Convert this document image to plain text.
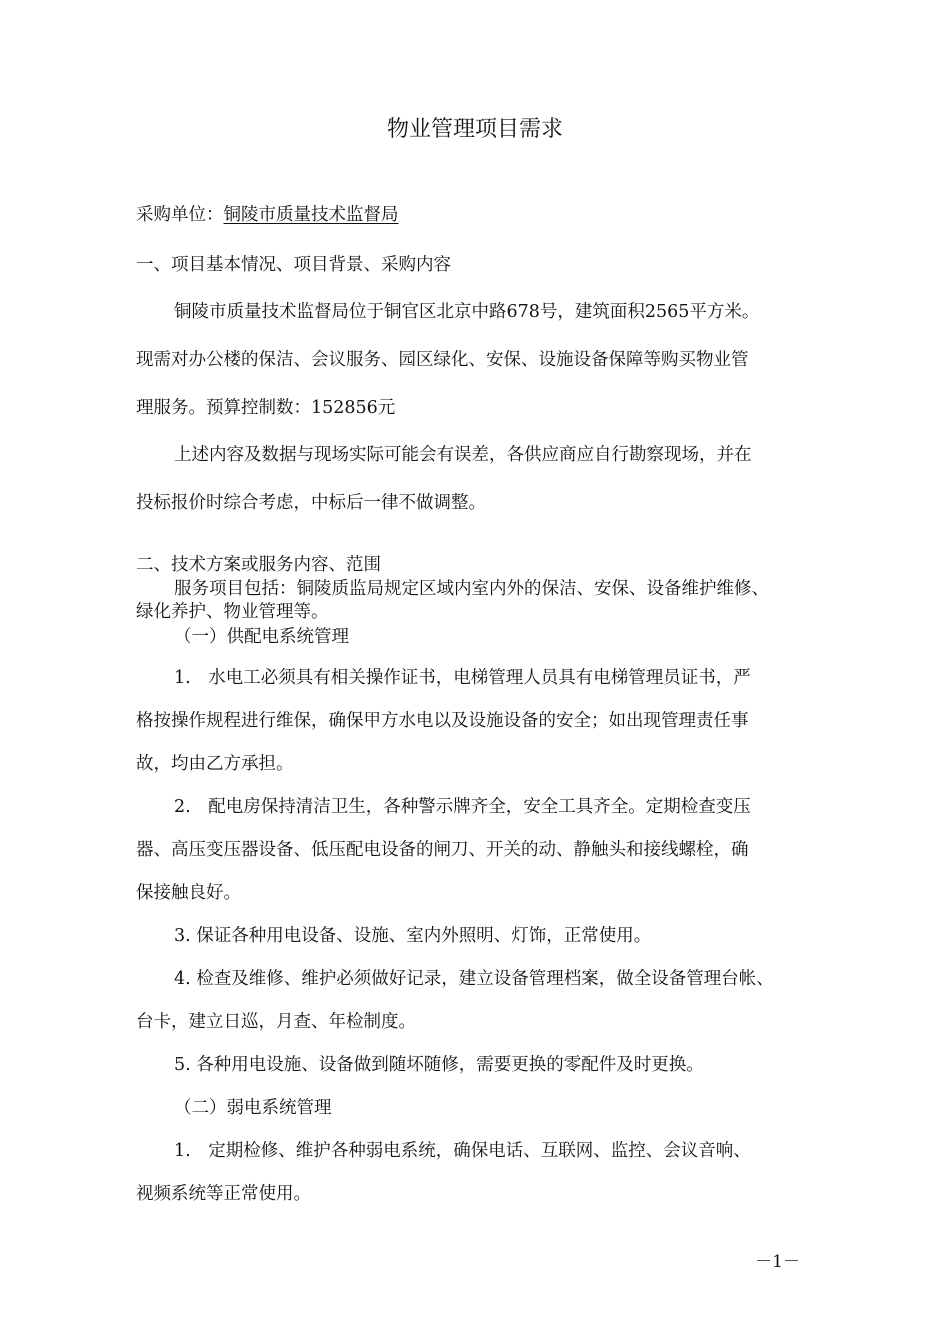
物业管理项目需求
采购单位：铜陵市质量技术监督局
一、项目基本情况、项目背景、采购内容
铜陵市质量技术监督局位于铜官区北京中路678号，建筑面积2565平方米。
现需对办公楼的保洁、会议服务、园区绿化、安保、设施设备保障等购买物业管
理服务。预算控制数：152856元
上述内容及数据与现场实际可能会有误差，各供应商应自行勘察现场，并在
投标报价时综合考虑，中标后一律不做调整。
二、技术方案或服务内容、范围
服务项目包括：铜陵质监局规定区域内室内外的保洁、安保、设备维护维修、
绿化养护、物业管理等。
（一）供配电系统管理
1.　水电工必须具有相关操作证书，电梯管理人员具有电梯管理员证书，严
格按操作规程进行维保，确保甲方水电以及设施设备的安全；如出现管理责任事
故，均由乙方承担。
2.　配电房保持清洁卫生，各种警示牌齐全，安全工具齐全。定期检查变压
器、高压变压器设备、低压配电设备的闸刀、开关的动、静触头和接线螺栓，确
保接触良好。
3. 保证各种用电设备、设施、室内外照明、灯饰，正常使用。
4. 检查及维修、维护必须做好记录，建立设备管理档案，做全设备管理台帐、
台卡，建立日巡，月查、年检制度。
5. 各种用电设施、设备做到随坏随修，需要更换的零配件及时更换。
（二）弱电系统管理
1.　定期检修、维护各种弱电系统，确保电话、互联网、监控、会议音响、
视频系统等正常使用。
－1－
